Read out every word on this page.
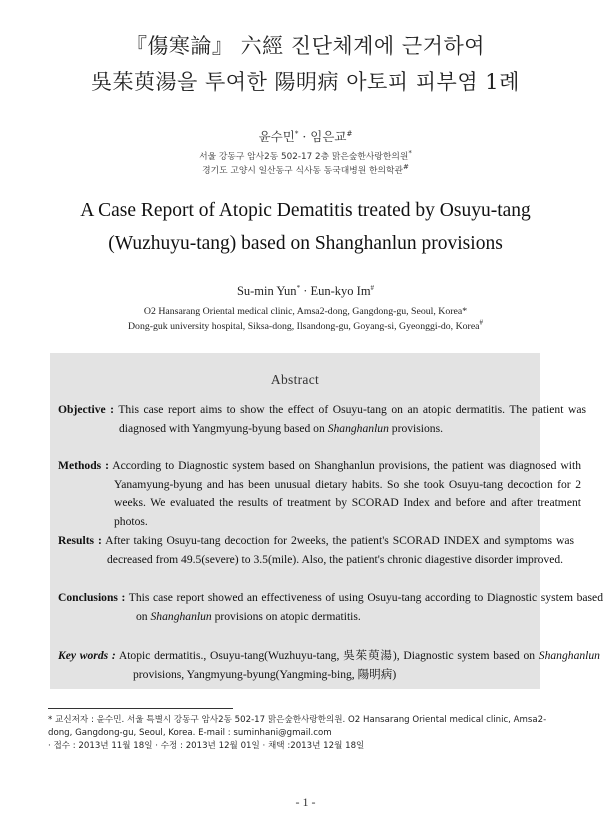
『傷寒論』 六經 진단체계에 근거하여
吳茱萸湯을 투여한 陽明病 아토피 피부염 1례
윤수민* · 임은교#
서울 강동구 암사2동 502-17 2층 맑은숲한사랑한의원*
경기도 고양시 일산동구 식사동 동국대병원 한의학관#
A Case Report of Atopic Dematitis treated by Osuyu-tang
(Wuzhuyu-tang) based on Shanghanlun provisions
Su-min Yun* · Eun-kyo Im#
O2 Hansarang Oriental medical clinic, Amsa2-dong, Gangdong-gu, Seoul, Korea*
Dong-guk university hospital, Siksa-dong, Ilsandong-gu, Goyang-si, Gyeonggi-do, Korea#
Abstract
Objective : This case report aims to show the effect of Osuyu-tang on an atopic dermatitis. The patient was diagnosed with Yangmyung-byung based on Shanghanlun provisions.
Methods : According to Diagnostic system based on Shanghanlun provisions, the patient was diagnosed with Yanamyung-byung and has been unusual dietary habits. So she took Osuyu-tang decoction for 2 weeks. We evaluated the results of treatment by SCORAD Index and before and after treatment photos.
Results : After taking Osuyu-tang decoction for 2weeks, the patient's SCORAD INDEX and symptoms was decreased from 49.5(severe) to 3.5(mile). Also, the patient's chronic diagestive disorder improved.
Conclusions : This case report showed an effectiveness of using Osuyu-tang according to Diagnostic system based on Shanghanlun provisions on atopic dermatitis.
Key words : Atopic dermatitis., Osuyu-tang(Wuzhuyu-tang, 吳茱萸湯), Diagnostic system based on Shanghanlun provisions, Yangmyung-byung(Yangming-bing, 陽明病)
* 교신저자 : 윤수민. 서울 특별시 강동구 암사2동 502-17 맑은숲한사랑한의원. O2 Hansarang Oriental medical clinic, Amsa2-dong, Gangdong-gu, Seoul, Korea. E-mail : suminhani@gmail.com
· 접수 : 2013년 11월 18일 · 수정 : 2013년 12월 01일 · 채택 :2013년 12월 18일
- 1 -
